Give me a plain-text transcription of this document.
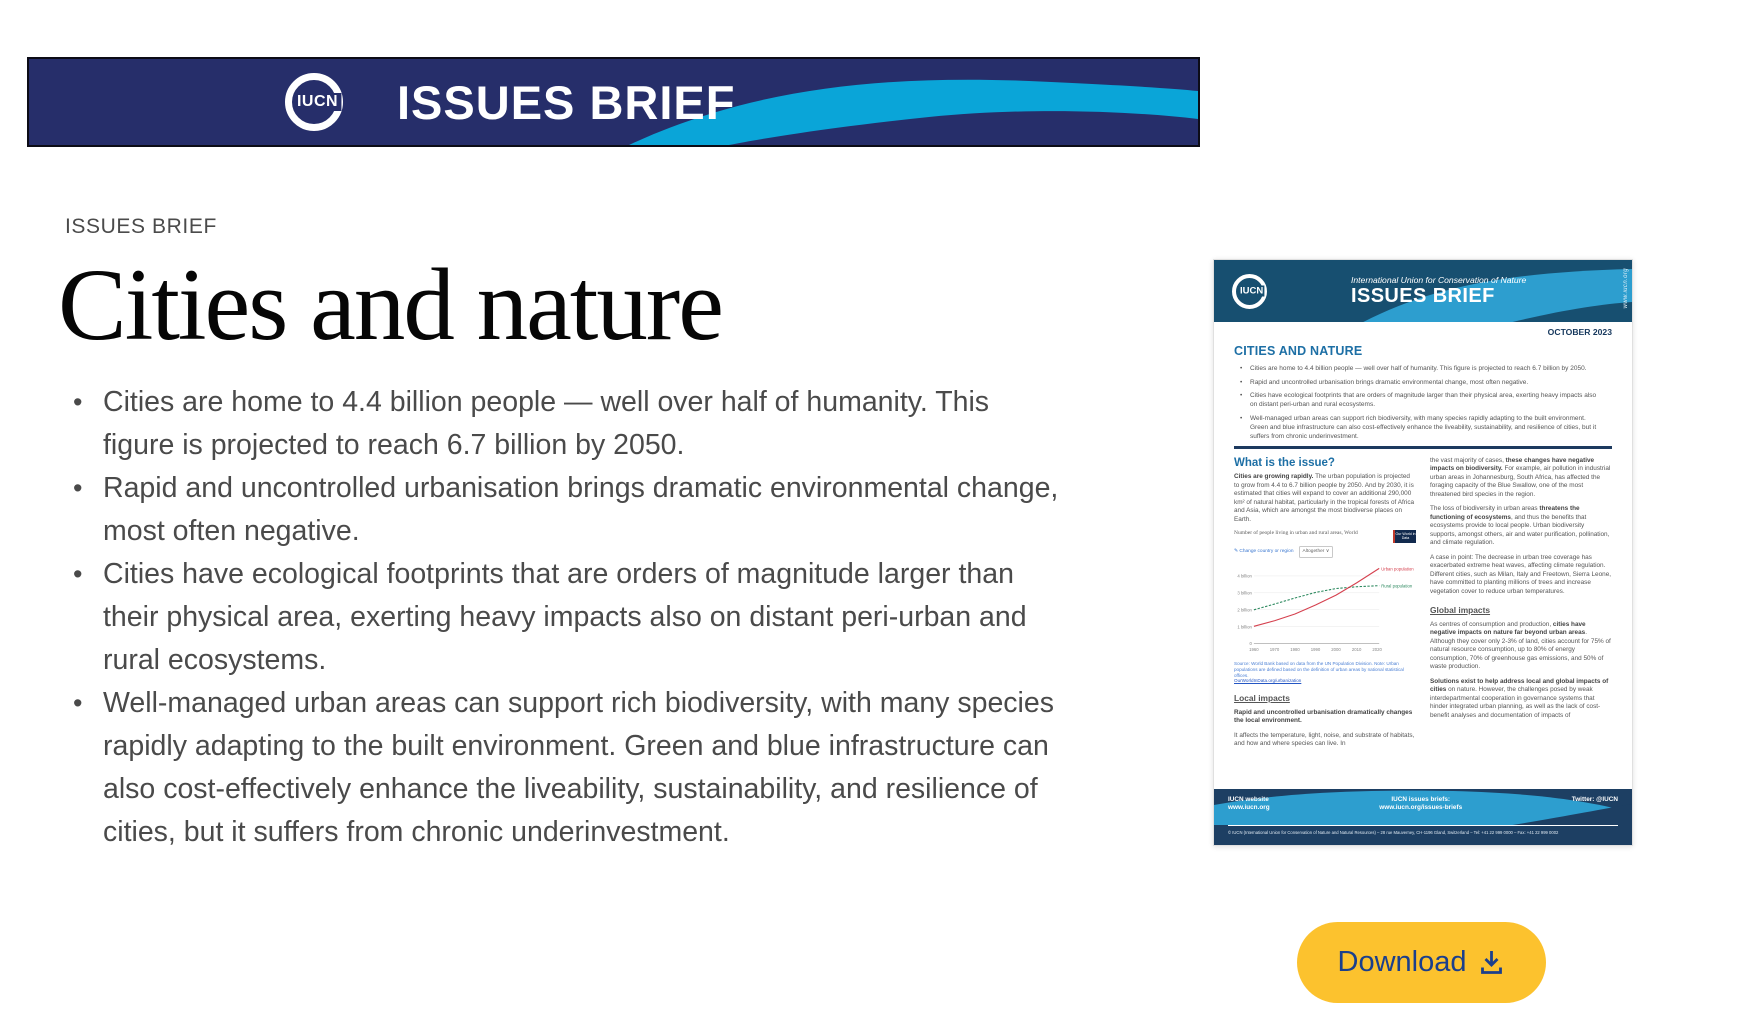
IUCN ISSUES BRIEF
ISSUES BRIEF
Cities and nature
• Cities are home to 4.4 billion people — well over half of humanity. This figure is projected to reach 6.7 billion by 2050.
• Rapid and uncontrolled urbanisation brings dramatic environmental change, most often negative.
• Cities have ecological footprints that are orders of magnitude larger than their physical area, exerting heavy impacts also on distant peri-urban and rural ecosystems.
• Well-managed urban areas can support rich biodiversity, with many species rapidly adapting to the built environment. Green and blue infrastructure can also cost-effectively enhance the liveability, sustainability, and resilience of cities, but it suffers from chronic underinvestment.
IUCN
International Union for Conservation of Nature
ISSUES BRIEF	www.iucn.org
OCTOBER 2023
CITIES AND NATURE
• Cities are home to 4.4 billion people — well over half of humanity. This figure is projected to reach 6.7 billion by 2050.
• Rapid and uncontrolled urbanisation brings dramatic environmental change, most often negative.
• Cities have ecological footprints that are orders of magnitude larger than their physical area, exerting heavy impacts also on distant peri-urban and rural ecosystems.
• Well-managed urban areas can support rich biodiversity, with many species rapidly adapting to the built environment. Green and blue infrastructure can also cost-effectively enhance the liveability, sustainability, and resilience of cities, but it suffers from chronic underinvestment.
What is the issue?

Cities are growing rapidly. The urban population is projected to grow from 4.4 to 6.7 billion people by 2050. And by 2030, it is estimated that cities will expand to cover an additional 290,000 km² of natural habitat, particularly in the tropical forests of Africa and Asia, which are amongst the most biodiverse places on Earth.

Number of people living in urban and rural areas, World	Our World in Data
✎ Change country or region	Altogether ∨
4 billion
3 billion
2 billion
1 billion
0
1960	1970	1980	1990	2000	2010	2020
Urban population
Rural population
Source: World Bank based on data from the UN Population Division. Note: Urban populations are defined based on the definition of urban areas by national statistical offices.
OurWorldInData.org/urbanization
Local impacts

Rapid and uncontrolled urbanisation dramatically changes the local environment.

It affects the temperature, light, noise, and substrate of habitats, and how and where species can live. In

the vast majority of cases, these changes have negative impacts on biodiversity. For example, air pollution in industrial urban areas in Johannesburg, South Africa, has affected the foraging capacity of the Blue Swallow, one of the most threatened bird species in the region.

The loss of biodiversity in urban areas threatens the functioning of ecosystems, and thus the benefits that ecosystems provide to local people. Urban biodiversity supports, amongst others, air and water purification, pollination, and climate regulation.

A case in point: The decrease in urban tree coverage has exacerbated extreme heat waves, affecting climate regulation. Different cities, such as Milan, Italy and Freetown, Sierra Leone, have committed to planting millions of trees and increase vegetation cover to reduce urban temperatures.

Global impacts

As centres of consumption and production, cities have negative impacts on nature far beyond urban areas. Although they cover only 2-3% of land, cities account for 75% of natural resource consumption, up to 80% of energy consumption, 70% of greenhouse gas emissions, and 50% of waste production.

Solutions exist to help address local and global impacts of cities on nature. However, the challenges posed by weak interdepartmental cooperation in governance systems that hinder integrated urban planning, as well as the lack of cost-benefit analyses and documentation of impacts of

IUCN website
www.iucn.org
IUCN issues briefs:
www.iucn.org/issues-briefs
Twitter: @IUCN
© IUCN (International Union for Conservation of Nature and Natural Resources) – 28 rue Mauverney, CH-1196 Gland, Switzerland – Tel: +41 22 999 0000 – Fax: +41 22 999 0002
Download
